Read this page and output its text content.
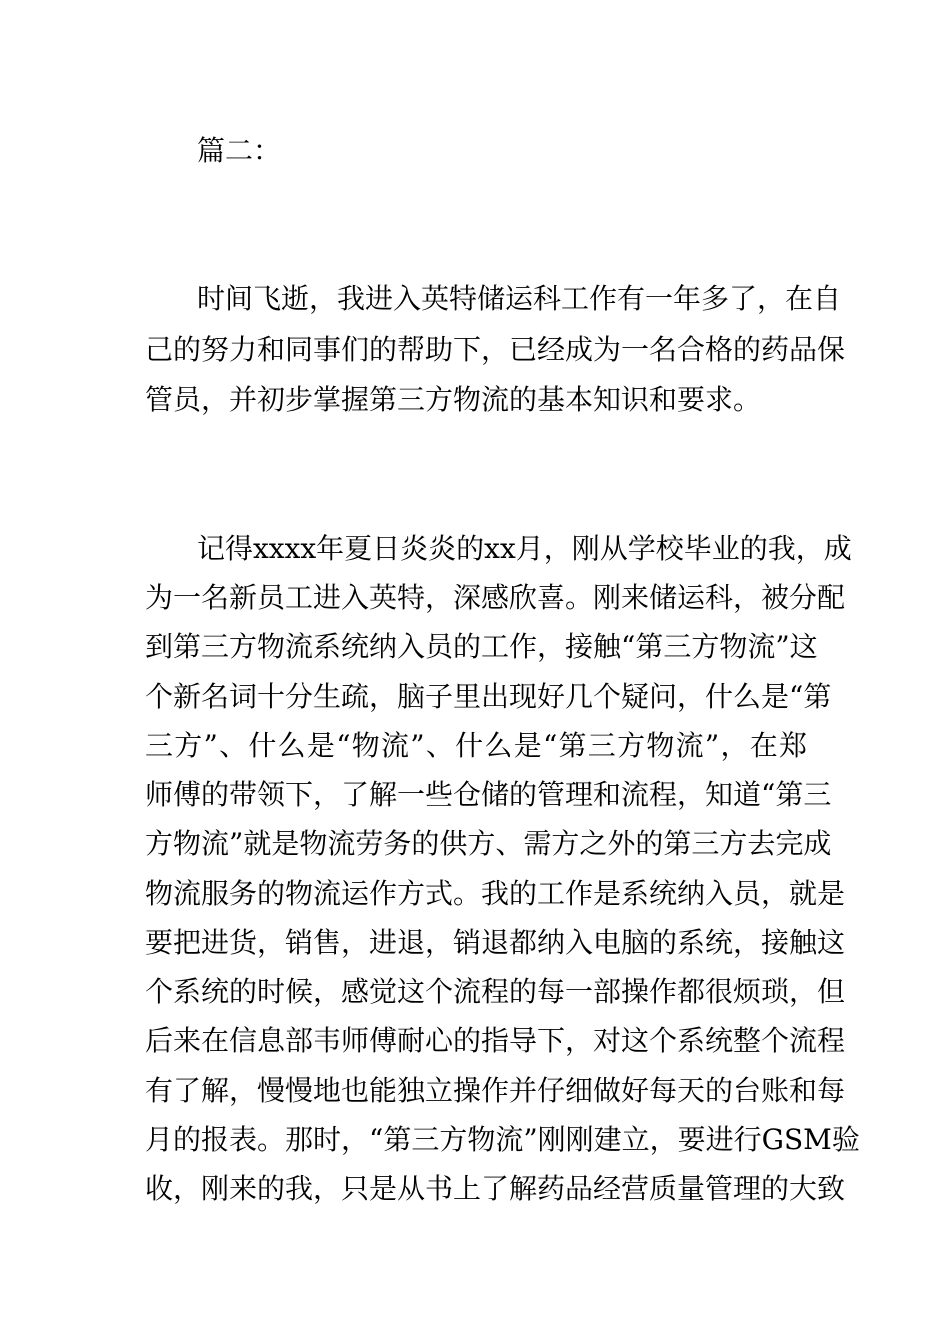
篇二：
时间飞逝，我进入英特储运科工作有一年多了，在自
己的努力和同事们的帮助下，已经成为一名合格的药品保
管员，并初步掌握第三方物流的基本知识和要求。
记得xxxx年夏日炎炎的xx月，刚从学校毕业的我，成
为一名新员工进入英特，深感欣喜。刚来储运科，被分配
到第三方物流系统纳入员的工作，接触“第三方物流”这
个新名词十分生疏，脑子里出现好几个疑问，什么是“第
三方”、什么是“物流”、什么是“第三方物流”，在郑
师傅的带领下，了解一些仓储的管理和流程，知道“第三
方物流”就是物流劳务的供方、需方之外的第三方去完成
物流服务的物流运作方式。我的工作是系统纳入员，就是
要把进货，销售，进退，销退都纳入电脑的系统，接触这
个系统的时候，感觉这个流程的每一部操作都很烦琐，但
后来在信息部韦师傅耐心的指导下，对这个系统整个流程
有了解，慢慢地也能独立操作并仔细做好每天的台账和每
月的报表。那时，“第三方物流”刚刚建立，要进行GSM验
收，刚来的我，只是从书上了解药品经营质量管理的大致
